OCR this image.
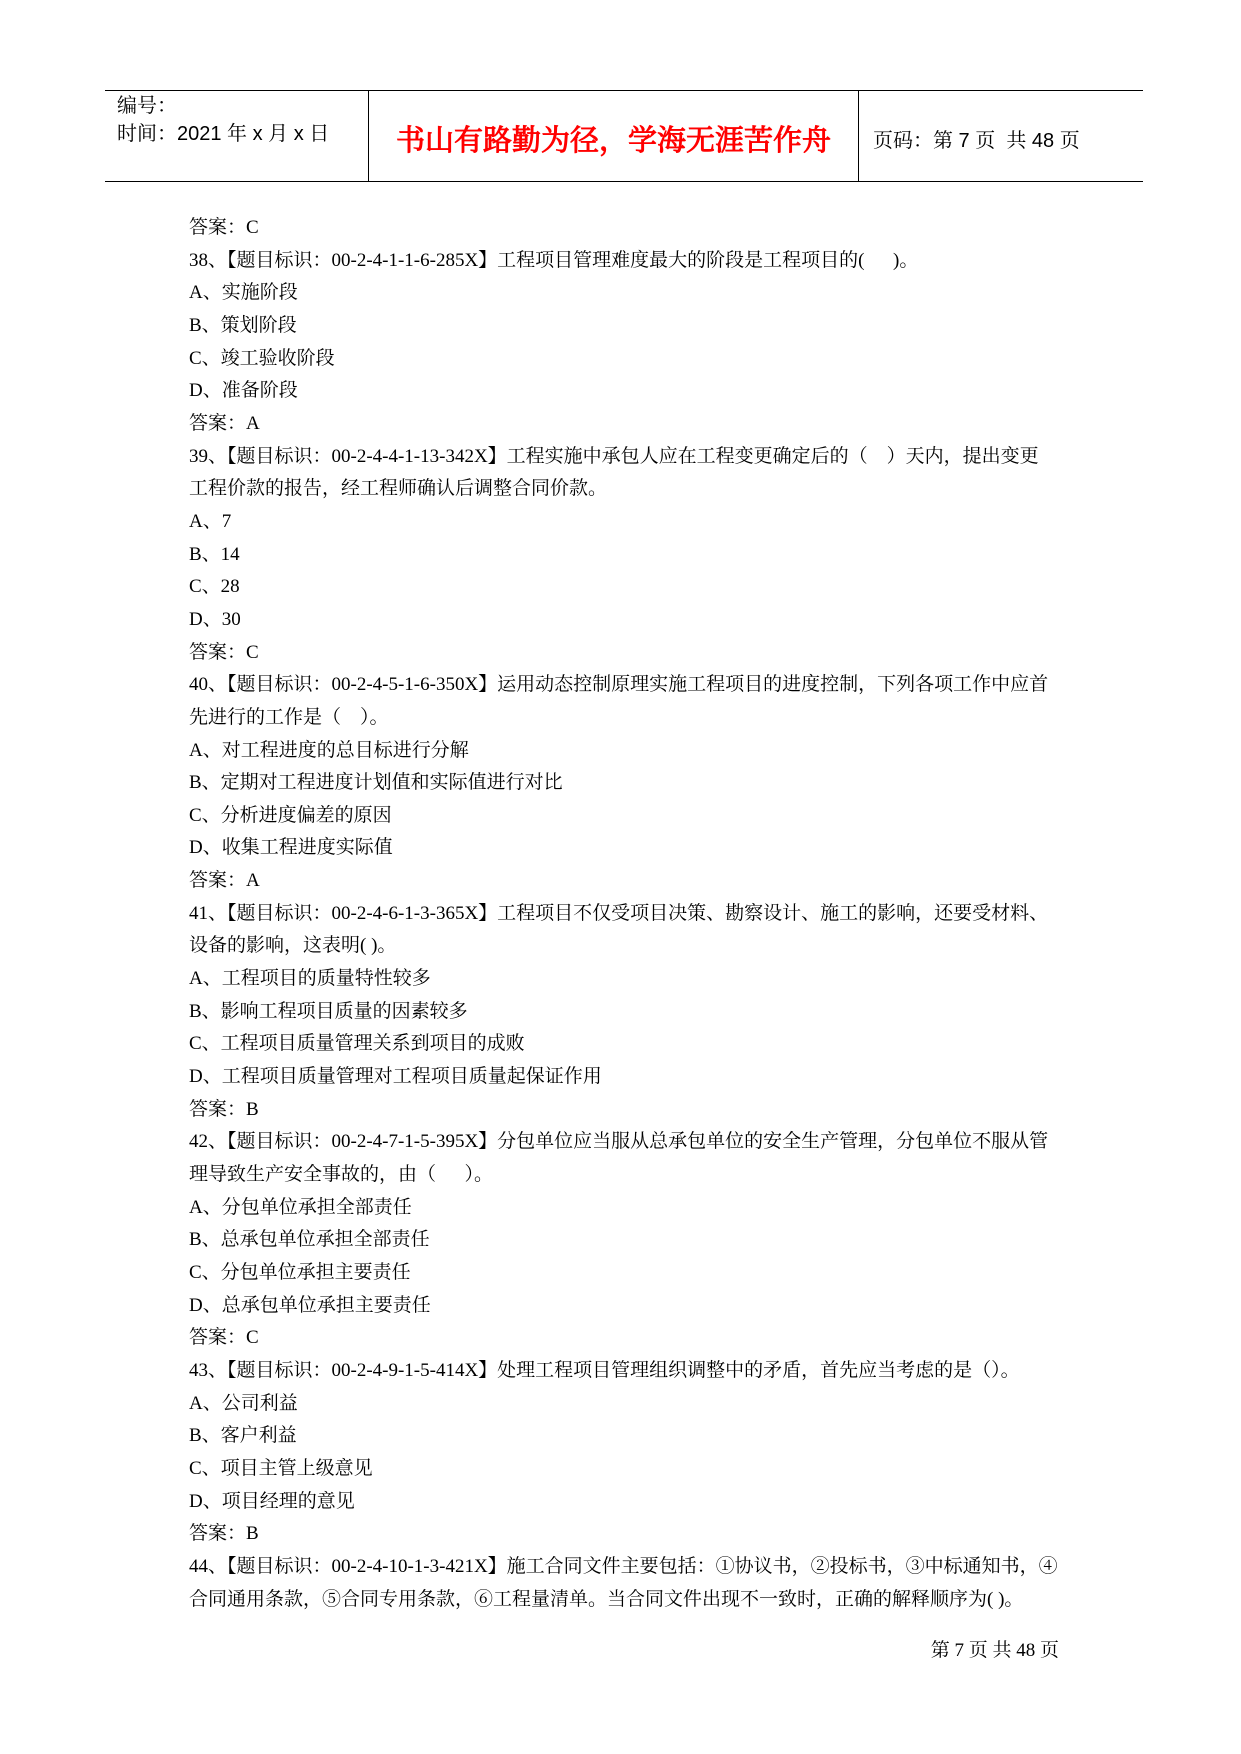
编号：
时间：2021 年 x 月 x 日 书山有路勤为径，学海无涯苦作舟 页码：第 7 页  共 48 页
答案：C
38、【题目标识：00-2-4-1-1-6-285X】工程项目管理难度最大的阶段是工程项目的(      )。
A、实施阶段
B、策划阶段
C、竣工验收阶段
D、准备阶段
答案：A
39、【题目标识：00-2-4-4-1-13-342X】工程实施中承包人应在工程变更确定后的（    ）天内，提出变更
工程价款的报告，经工程师确认后调整合同价款。
A、7
B、14
C、28
D、30
答案：C
40、【题目标识：00-2-4-5-1-6-350X】运用动态控制原理实施工程项目的进度控制，下列各项工作中应首
先进行的工作是（    ）。
A、对工程进度的总目标进行分解
B、定期对工程进度计划值和实际值进行对比
C、分析进度偏差的原因
D、收集工程进度实际值
答案：A
41、【题目标识：00-2-4-6-1-3-365X】工程项目不仅受项目决策、勘察设计、施工的影响，还要受材料、
设备的影响，这表明( )。
A、工程项目的质量特性较多
B、影响工程项目质量的因素较多
C、工程项目质量管理关系到项目的成败
D、工程项目质量管理对工程项目质量起保证作用
答案：B
42、【题目标识：00-2-4-7-1-5-395X】分包单位应当服从总承包单位的安全生产管理，分包单位不服从管
理导致生产安全事故的，由（      ）。
A、分包单位承担全部责任
B、总承包单位承担全部责任
C、分包单位承担主要责任
D、总承包单位承担主要责任
答案：C
43、【题目标识：00-2-4-9-1-5-414X】处理工程项目管理组织调整中的矛盾，首先应当考虑的是（）。
A、公司利益
B、客户利益
C、项目主管上级意见
D、项目经理的意见
答案：B
44、【题目标识：00-2-4-10-1-3-421X】施工合同文件主要包括：①协议书，②投标书，③中标通知书，④
合同通用条款，⑤合同专用条款，⑥工程量清单。当合同文件出现不一致时，正确的解释顺序为( )。
第 7 页 共 48 页
